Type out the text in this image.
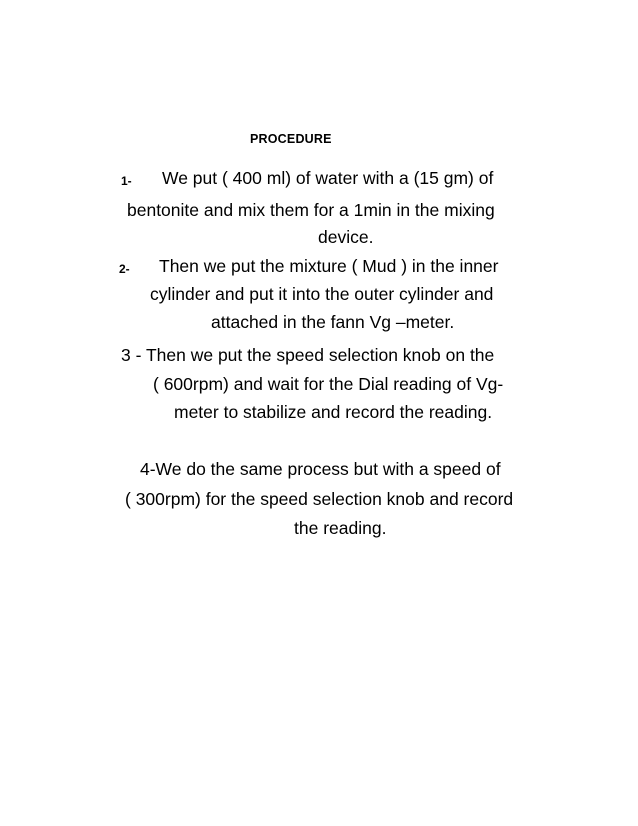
PROCEDURE
1- We put ( 400 ml) of water with a (15 gm) of
bentonite and mix them for a 1min in the mixing
device.
2- Then we put the mixture ( Mud ) in the inner
cylinder and put it into the outer cylinder and
attached in the fann Vg –meter.
3 - Then we put the speed selection knob on the
( 600rpm) and wait for the Dial reading of Vg-
meter to stabilize and record the reading.
4-We do the same process but with a speed of
( 300rpm) for the speed selection knob and record
the reading.
